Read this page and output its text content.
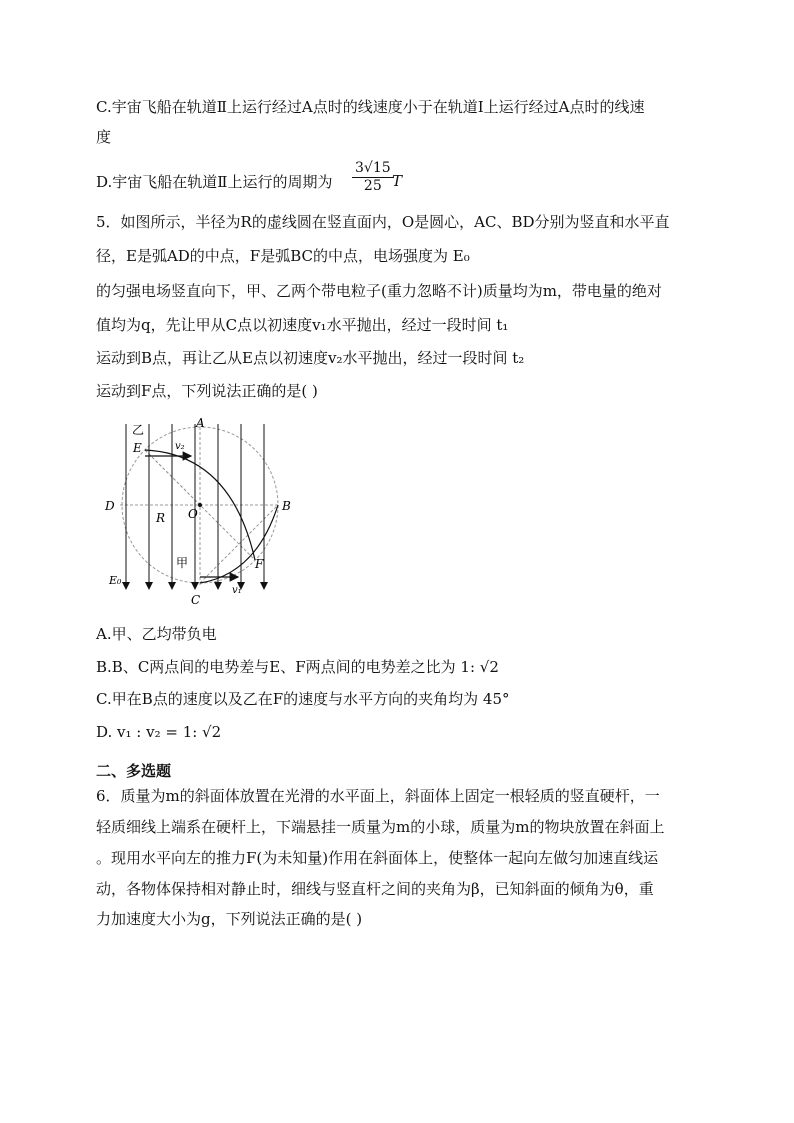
C.宇宙飞船在轨道Ⅱ上运行经过A点时的线速度小于在轨道Ⅰ上运行经过A点时的线速
度
D.宇宙飞船在轨道Ⅱ上运行的周期为 $\frac{3√15}{25}$
T
5．如图所示，半径为R的虚线圆在竖直面内，O是圆心，AC、BD分别为竖直和水平直
径，E是弧AD的中点，F是弧BC的中点，电场强度为 E₀
的匀强电场竖直向下，甲、乙两个带电粒子(重力忽略不计)质量均为m，带电量的绝对
值均为q，先让甲从C点以初速度v₁水平抛出，经过一段时间 t₁
运动到B点，再让乙从E点以初速度v₂水平抛出，经过一段时间 t₂
运动到F点，下列说法正确的是( )
A
B
C
D
E
F
O
R
E₀
甲
乙
v₁
v₂
A.甲、乙均带负电
B.B、C两点间的电势差与E、F两点间的电势差之比为 1: √2
C.甲在B点的速度以及乙在F的速度与水平方向的夹角均为 45°
D. v₁ : v₂ = 1: √2
二、多选题
6．质量为m的斜面体放置在光滑的水平面上，斜面体上固定一根轻质的竖直硬杆，一
轻质细线上端系在硬杆上，下端悬挂一质量为m的小球，质量为m的物块放置在斜面上
。现用水平向左的推力F(为未知量)作用在斜面体上，使整体一起向左做匀加速直线运
动，各物体保持相对静止时，细线与竖直杆之间的夹角为β，已知斜面的倾角为θ，重
力加速度大小为g，下列说法正确的是( )
